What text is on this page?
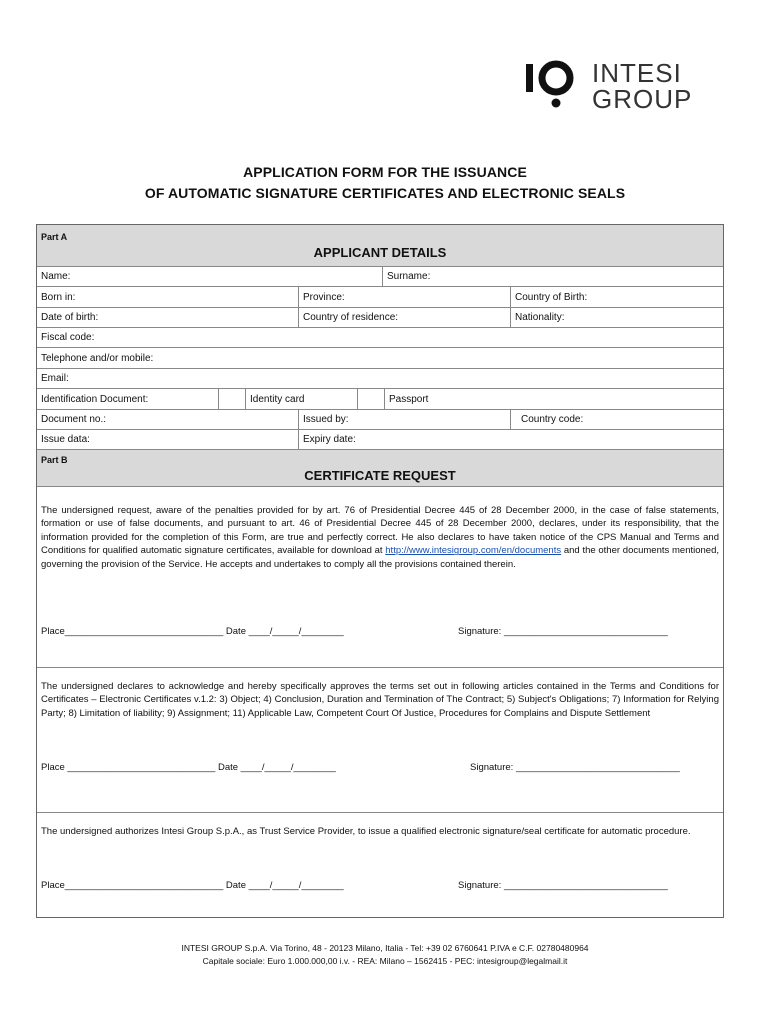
INTESI
GROUP
APPLICATION FORM FOR THE ISSUANCE
OF AUTOMATIC SIGNATURE CERTIFICATES AND ELECTRONIC SEALS
Part A
APPLICANT DETAILS
Name:	Surname:
Born in:	Province:	Country of Birth:
Date of birth:	Country of residence:	Nationality:
Fiscal code:
Telephone and/or mobile:
Email:
Identification Document:	Identity card	Passport
Document no.:	Issued by:	Country code:
Issue data:	Expiry date:
Part B
CERTIFICATE REQUEST
The undersigned request, aware of the penalties provided for by art. 76 of Presidential Decree 445 of 28 December 2000, in the case of false statements, formation or use of false documents, and pursuant to art. 46 of Presidential Decree 445 of 28 December 2000, declares, under its responsibility, that the information provided for the completion of this Form, are true and perfectly correct. He also declares to have taken notice of the CPS Manual and Terms and Conditions for qualified automatic signature certificates, available for download at http://www.intesigroup.com/en/documents and the other documents mentioned, governing the provision of the Service. He accepts and undertakes to comply all the provisions contained therein.
Place______________________________ Date ____/_____/________	Signature: _______________________________
The undersigned declares to acknowledge and hereby specifically approves the terms set out in following articles contained in the Terms and Conditions for Certificates – Electronic Certificates v.1.2: 3) Object; 4) Conclusion, Duration and Termination of The Contract; 5) Subject's Obligations; 7) Information for Relying Party; 8) Limitation of liability; 9) Assignment; 11) Applicable Law, Competent Court Of Justice, Procedures for Complains and Dispute Settlement
Place ____________________________ Date ____/_____/________	Signature: _______________________________
The undersigned authorizes Intesi Group S.p.A., as Trust Service Provider, to issue a qualified electronic signature/seal certificate for automatic procedure.
Place______________________________ Date ____/_____/________	Signature: _______________________________
INTESI GROUP S.p.A. Via Torino, 48 - 20123 Milano, Italia - Tel: +39 02 6760641 P.IVA e C.F. 02780480964
Capitale sociale: Euro 1.000.000,00 i.v. - REA: Milano – 1562415 - PEC: intesigroup@legalmail.it
